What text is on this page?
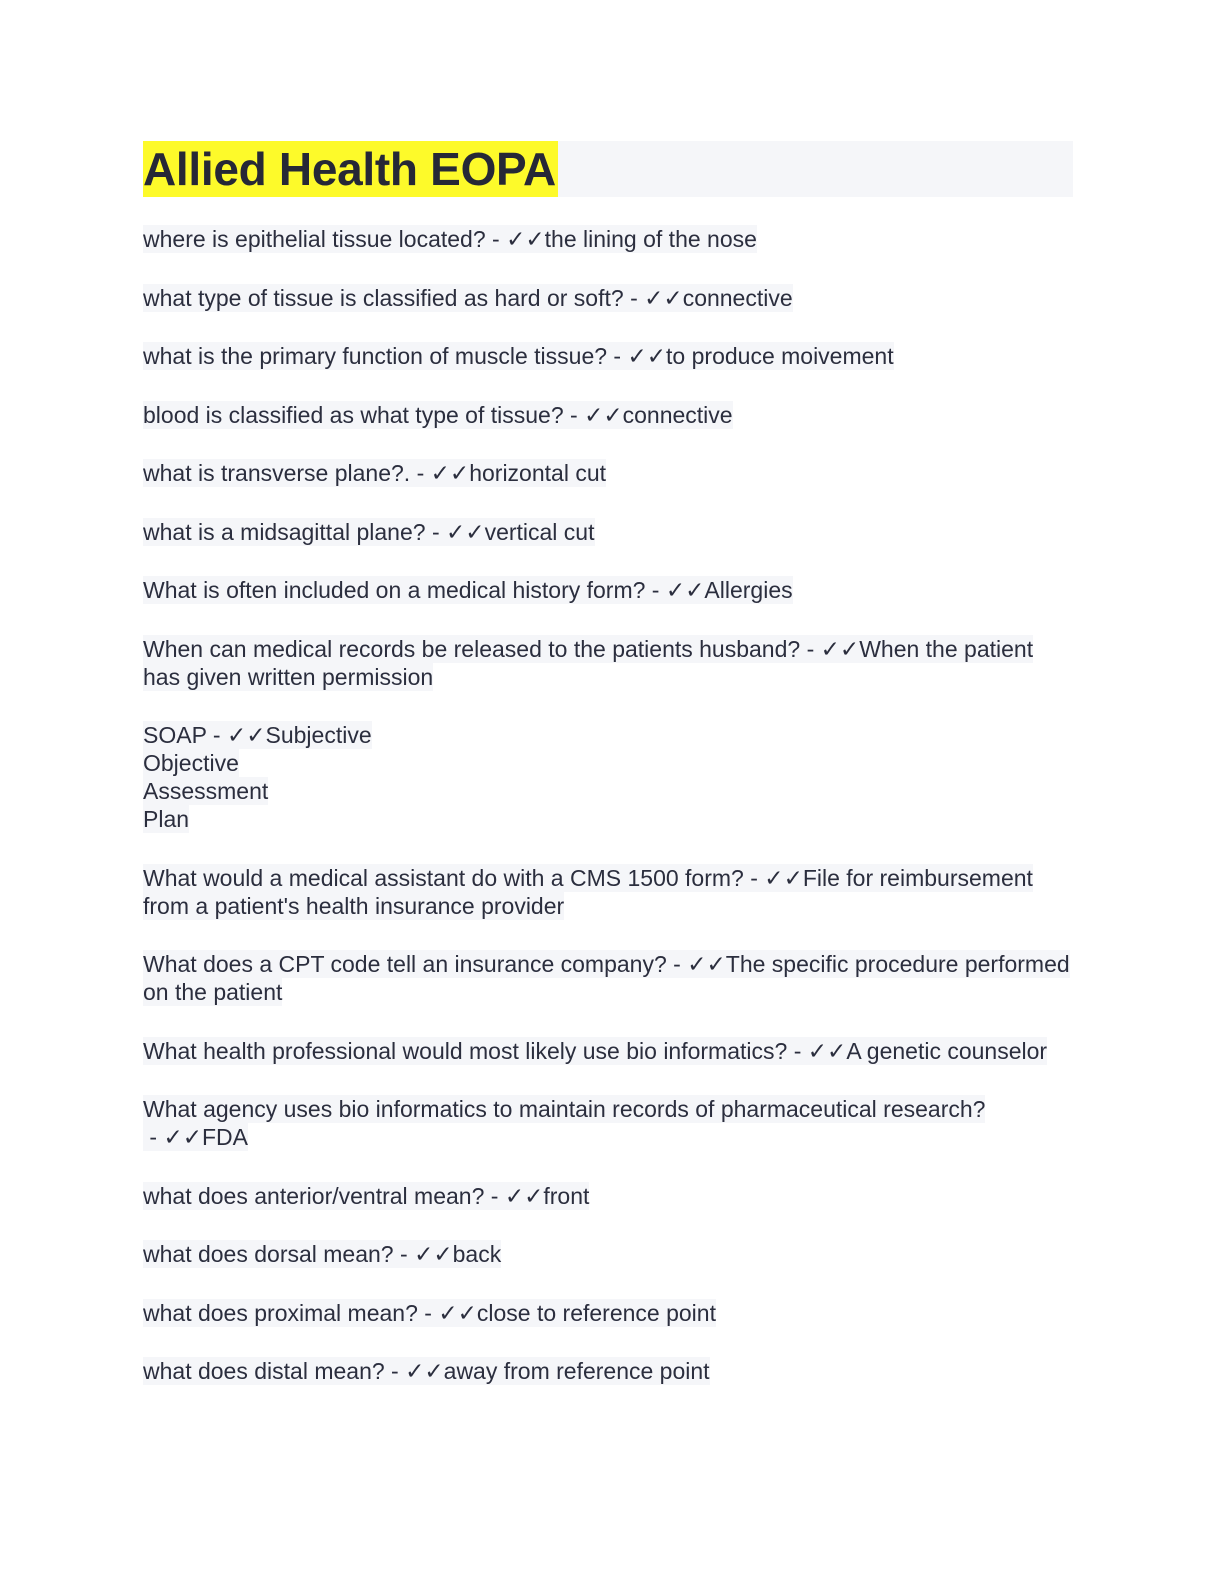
Allied Health EOPA
where is epithelial tissue located? - ✓✓the lining of the nose
what type of tissue is classified as hard or soft? - ✓✓connective
what is the primary function of muscle tissue? - ✓✓to produce moivement
blood is classified as what type of tissue? - ✓✓connective
what is transverse plane?. - ✓✓horizontal cut
what is a midsagittal plane? - ✓✓vertical cut
What is often included on a medical history form? - ✓✓Allergies
When can medical records be released to the patients husband? - ✓✓When the patient has given written permission
SOAP - ✓✓Subjective
Objective
Assessment
Plan
What would a medical assistant do with a CMS 1500 form? - ✓✓File for reimbursement from a patient's health insurance provider
What does a CPT code tell an insurance company? - ✓✓The specific procedure performed on the patient
What health professional would most likely use bio informatics? - ✓✓A genetic counselor
What agency uses bio informatics to maintain records of pharmaceutical research? - ✓✓FDA
what does anterior/ventral mean? - ✓✓front
what does dorsal mean? - ✓✓back
what does proximal mean? - ✓✓close to reference point
what does distal mean? - ✓✓away from reference point
